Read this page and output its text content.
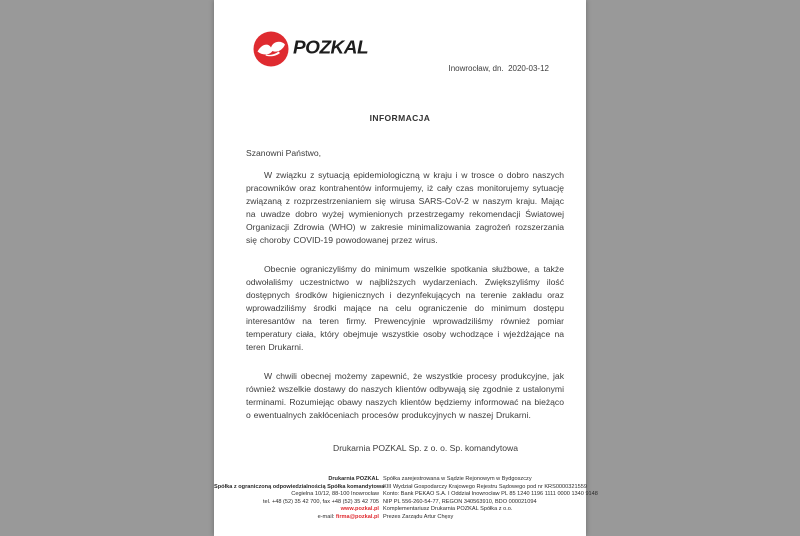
POZKAL
Inowrocław, dn.  2020-03-12
INFORMACJA

Szanowni Państwo,

W związku z sytuacją epidemiologiczną w kraju i w trosce o dobro naszych pracowników oraz kontrahentów informujemy, iż cały czas monitorujemy sytuację związaną z rozprzestrzenianiem się wirusa SARS-CoV-2 w naszym kraju. Mając na uwadze dobro wyżej wymienionych przestrzegamy rekomendacji Światowej Organizacji Zdrowia (WHO) w zakresie minimalizowania zagrożeń rozszerzania się choroby COVID-19 powodowanej przez wirus.

Obecnie ograniczyliśmy do minimum wszelkie spotkania służbowe, a także odwołaliśmy uczestnictwo w najbliższych wydarzeniach. Zwiększyliśmy ilość dostępnych środków higienicznych i dezynfekujących na terenie zakładu oraz wprowadziliśmy środki mające na celu ograniczenie do minimum dostępu interesantów na teren firmy. Prewencyjnie wprowadziliśmy również pomiar temperatury ciała, który obejmuje wszystkie osoby wchodzące i wjeżdżające na teren Drukarni.

W chwili obecnej możemy zapewnić, że wszystkie procesy produkcyjne, jak również wszelkie dostawy do naszych klientów odbywają się zgodnie z ustalonymi terminami. Rozumiejąc obawy naszych klientów będziemy informować na bieżąco o ewentualnych zakłóceniach procesów produkcyjnych w naszej Drukarni.

Drukarnia POZKAL Sp. z o. o. Sp. komandytowa
Drukarnia POZKAL
Spółka z ograniczoną odpowiedzialnością Spółka komandytowa
Cegielna 10/12, 88-100 Inowrocław
tel. +48 (52) 35 42 700, fax +48 (52) 35 42 705
www.pozkal.pl
e-mail: firma@pozkal.pl
Spółka zarejestrowana w Sądzie Rejonowym w Bydgoszczy
XIII Wydział Gospodarczy Krajowego Rejestru Sądowego pod nr KRS0000321559
Konto: Bank PEKAO S.A. I Oddział Inowrocław PL 85 1240 1196 1111 0000 1340 9148
NIP PL 556-260-54-77, REGON 340563910, BDO 000021094
Komplementariusz Drukarnia POZKAL Spółka z o.o.
Prezes Zarządu Artur Chęsy
